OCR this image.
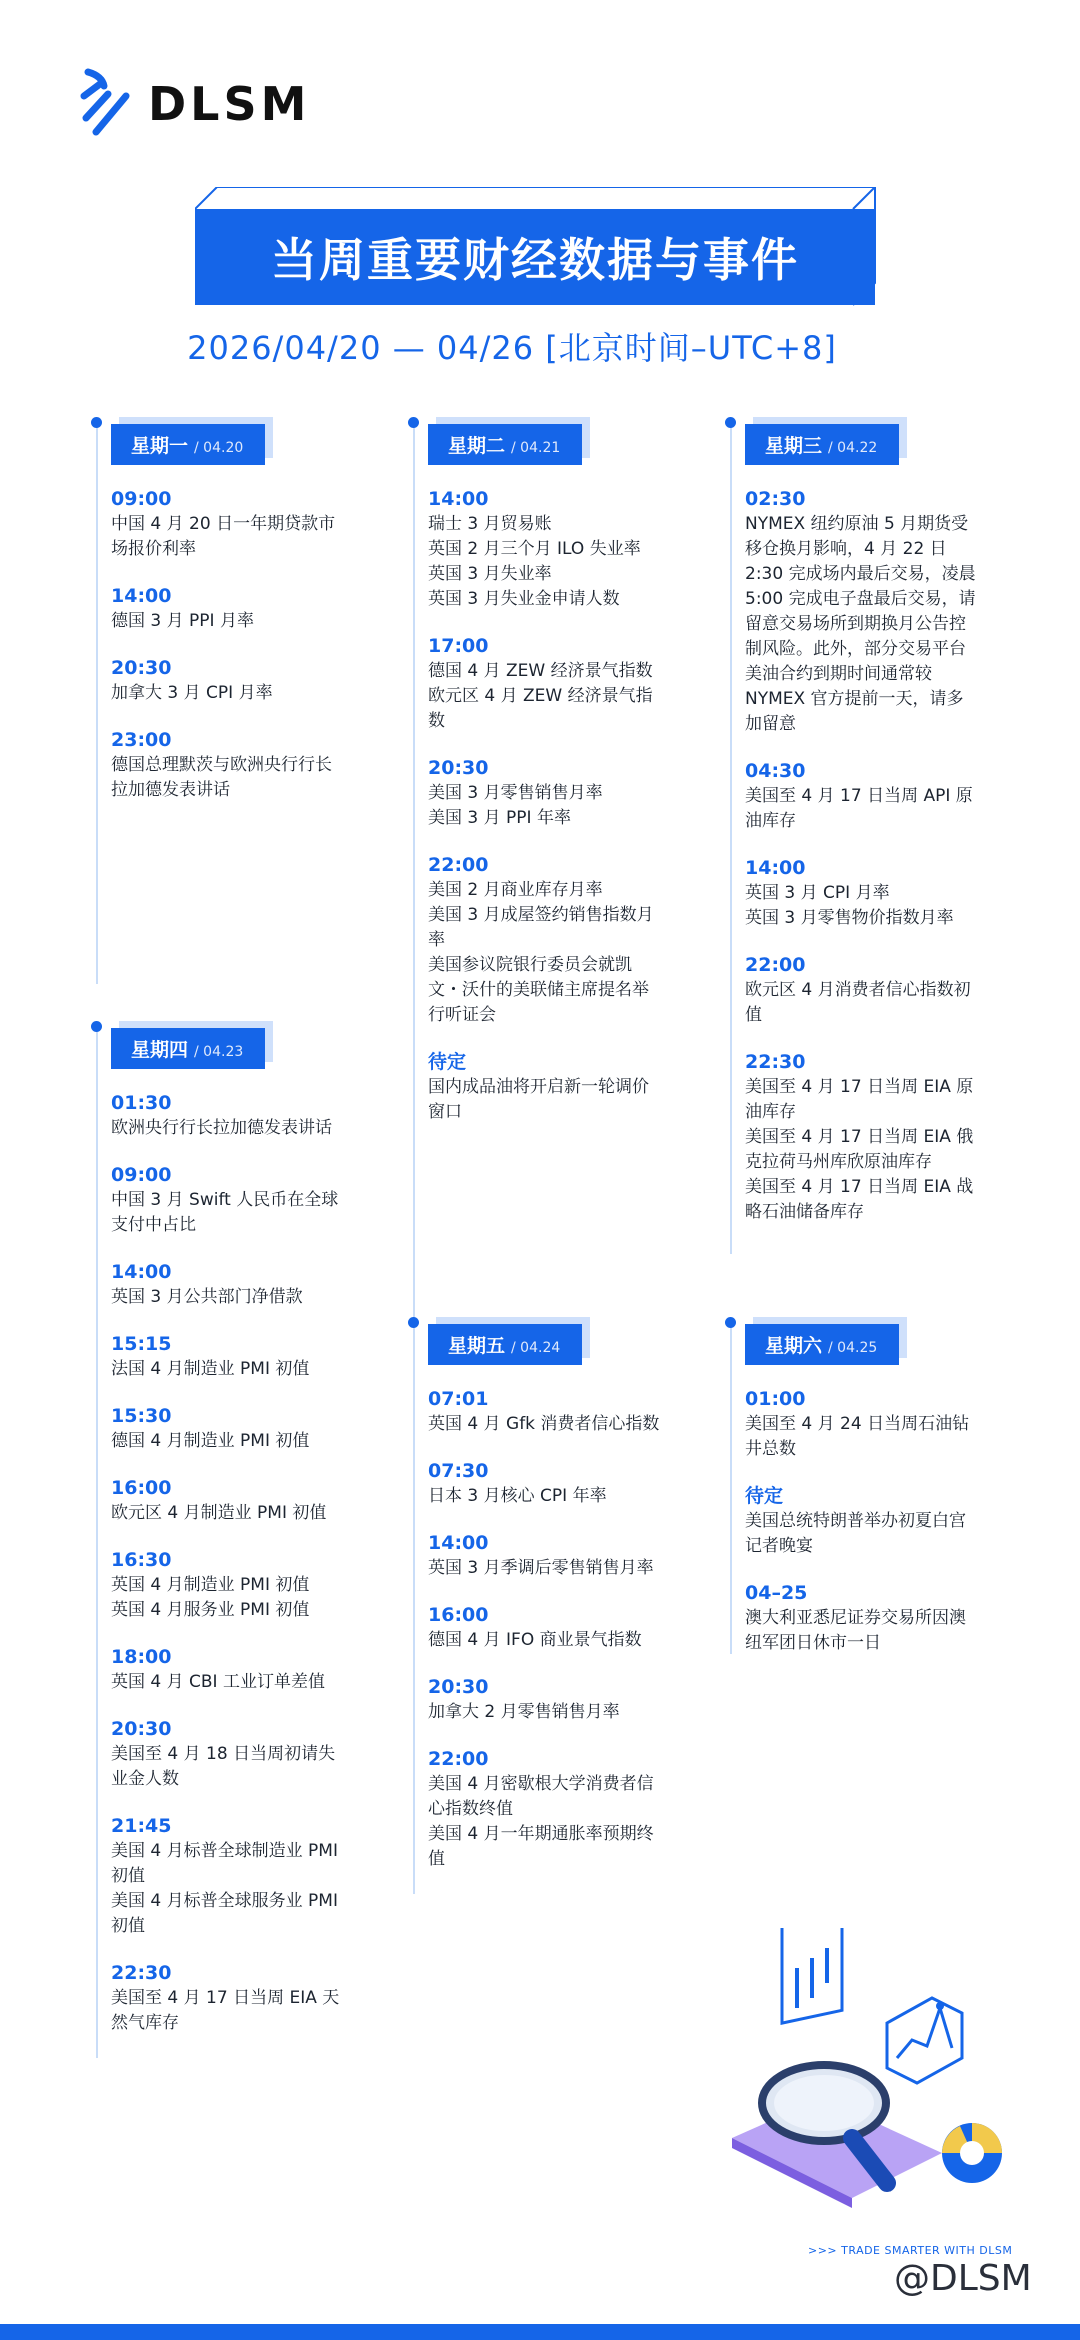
DLSM
当周重要财经数据与事件
2026/04/20 — 04/26 [北京时间–UTC+8]
星期一 / 04.20
09:00
中国 4 月 20 日一年期贷款市
场报价利率
14:00
德国 3 月 PPI 月率
20:30
加拿大 3 月 CPI 月率
23:00
德国总理默茨与欧洲央行行长
拉加德发表讲话
星期二 / 04.21
14:00
瑞士 3 月贸易账
英国 2 月三个月 ILO 失业率
英国 3 月失业率
英国 3 月失业金申请人数
17:00
德国 4 月 ZEW 经济景气指数
欧元区 4 月 ZEW 经济景气指
数
20:30
美国 3 月零售销售月率
美国 3 月 PPI 年率
22:00
美国 2 月商业库存月率
美国 3 月成屋签约销售指数月
率
美国参议院银行委员会就凯
文・沃什的美联储主席提名举
行听证会
待定
国内成品油将开启新一轮调价
窗口
星期三 / 04.22
02:30
NYMEX 纽约原油 5 月期货受
移仓换月影响，4 月 22 日
2:30 完成场内最后交易，凌晨
5:00 完成电子盘最后交易，请
留意交易场所到期换月公告控
制风险。此外，部分交易平台
美油合约到期时间通常较
NYMEX 官方提前一天，请多
加留意
04:30
美国至 4 月 17 日当周 API 原
油库存
14:00
英国 3 月 CPI 月率
英国 3 月零售物价指数月率
22:00
欧元区 4 月消费者信心指数初
值
22:30
美国至 4 月 17 日当周 EIA 原
油库存
美国至 4 月 17 日当周 EIA 俄
克拉荷马州库欣原油库存
美国至 4 月 17 日当周 EIA 战
略石油储备库存
星期四 / 04.23
01:30
欧洲央行行长拉加德发表讲话
09:00
中国 3 月 Swift 人民币在全球
支付中占比
14:00
英国 3 月公共部门净借款
15:15
法国 4 月制造业 PMI 初值
15:30
德国 4 月制造业 PMI 初值
16:00
欧元区 4 月制造业 PMI 初值
16:30
英国 4 月制造业 PMI 初值
英国 4 月服务业 PMI 初值
18:00
英国 4 月 CBI 工业订单差值
20:30
美国至 4 月 18 日当周初请失
业金人数
21:45
美国 4 月标普全球制造业 PMI
初值
美国 4 月标普全球服务业 PMI
初值
22:30
美国至 4 月 17 日当周 EIA 天
然气库存
星期五 / 04.24
07:01
英国 4 月 Gfk 消费者信心指数
07:30
日本 3 月核心 CPI 年率
14:00
英国 3 月季调后零售销售月率
16:00
德国 4 月 IFO 商业景气指数
20:30
加拿大 2 月零售销售月率
22:00
美国 4 月密歇根大学消费者信
心指数终值
美国 4 月一年期通胀率预期终
值
星期六 / 04.25
01:00
美国至 4 月 24 日当周石油钻
井总数
待定
美国总统特朗普举办初夏白宫
记者晚宴
04–25
澳大利亚悉尼证券交易所因澳
纽军团日休市一日
>>> TRADE SMARTER WITH DLSM
@DLSM
